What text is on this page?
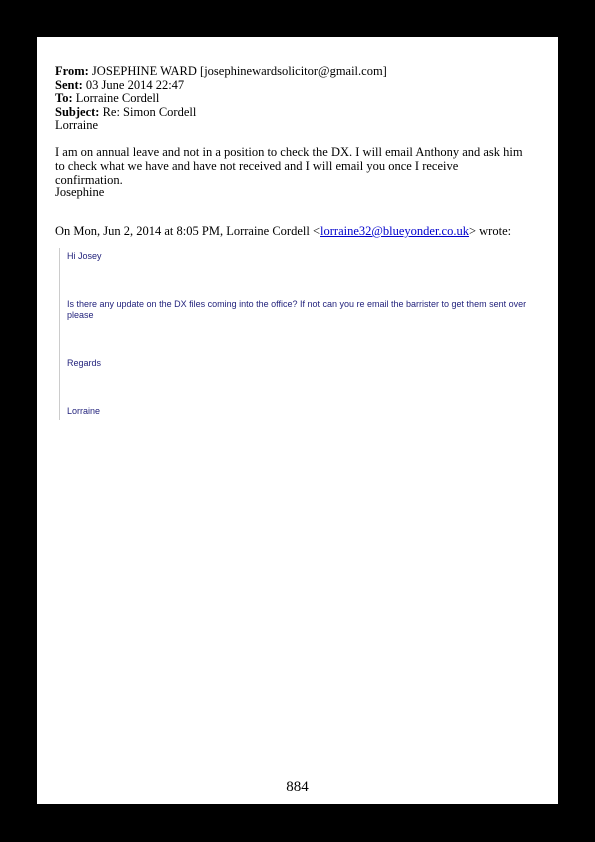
From: JOSEPHINE WARD [josephinewardsolicitor@gmail.com]
Sent: 03 June 2014 22:47
To: Lorraine Cordell
Subject: Re: Simon Cordell
Lorraine
I am on annual leave and not in a position to check the DX. I will email Anthony and ask him to check what we have and have not received and I will email you once I receive confirmation.
Josephine
On Mon, Jun 2, 2014 at 8:05 PM, Lorraine Cordell <lorraine32@blueyonder.co.uk> wrote:

Hi Josey

Is there any update on the DX files coming into the office? If not can you re email the barrister to get them sent over please

Regards

Lorraine

884
